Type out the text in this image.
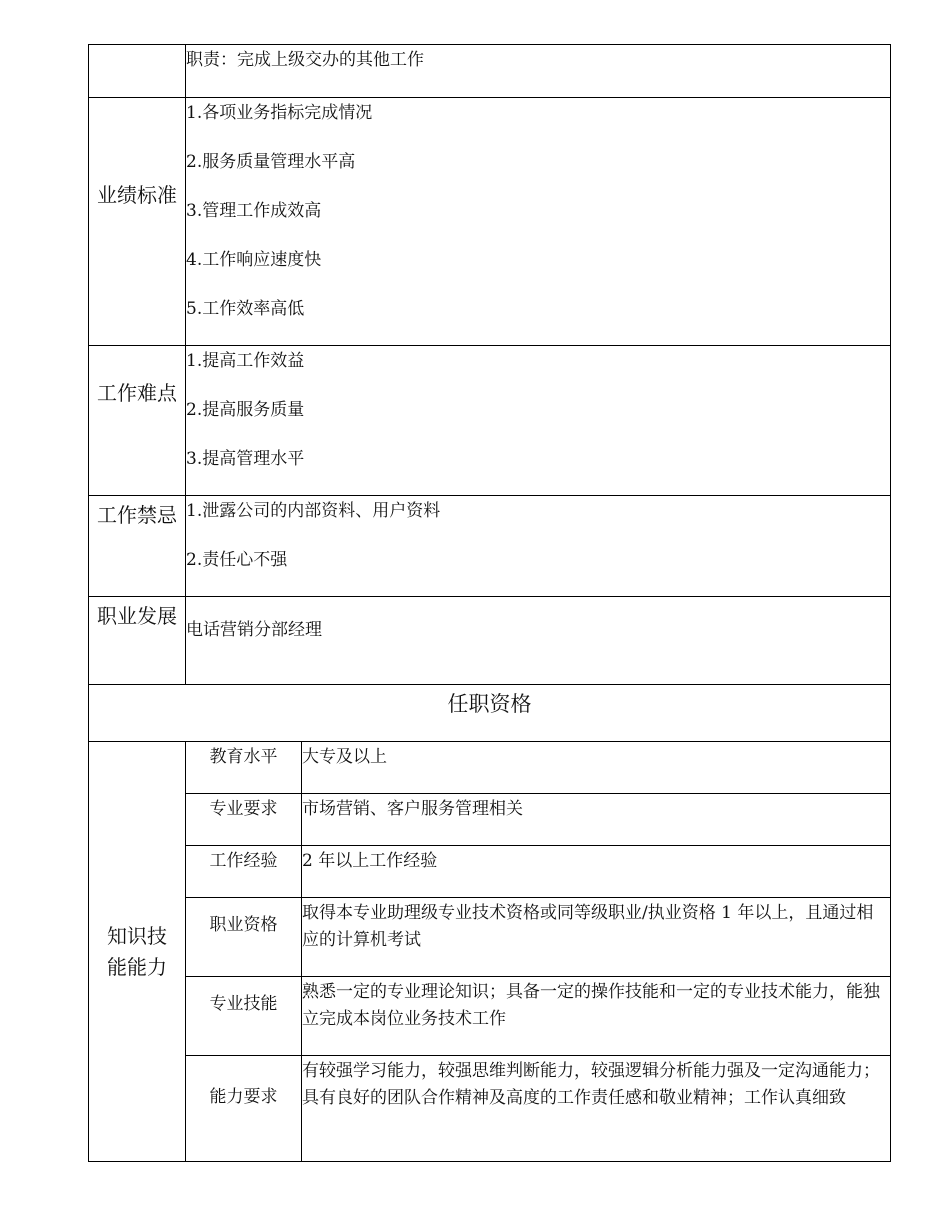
	职责：完成上级交办的其他工作	
业绩标准	1.各项业务指标完成情况
2.服务质量管理水平高
3.管理工作成效高
4.工作响应速度快
5.工作效率高低	

工作难点	1.提高工作效益
2.提高服务质量
3.提高管理水平	

工作禁忌	1.泄露公司的内部资料、用户资料
2.责任心不强	

职业发展	电话营销分部经理	
任职资格		
知识技能能力	教育水平	大专及以上
	专业要求	市场营销、客户服务管理相关
	工作经验	2 年以上工作经验
	职业资格	取得本专业助理级专业技术资格或同等级职业/执业资格 1 年以上，且通过相应的计算机考试
	专业技能	熟悉一定的专业理论知识；具备一定的操作技能和一定的专业技术能力，能独立完成本岗位业务技术工作
	能力要求	有较强学习能力，较强思维判断能力，较强逻辑分析能力强及一定沟通能力；具有良好的团队合作精神及高度的工作责任感和敬业精神；工作认真细致
